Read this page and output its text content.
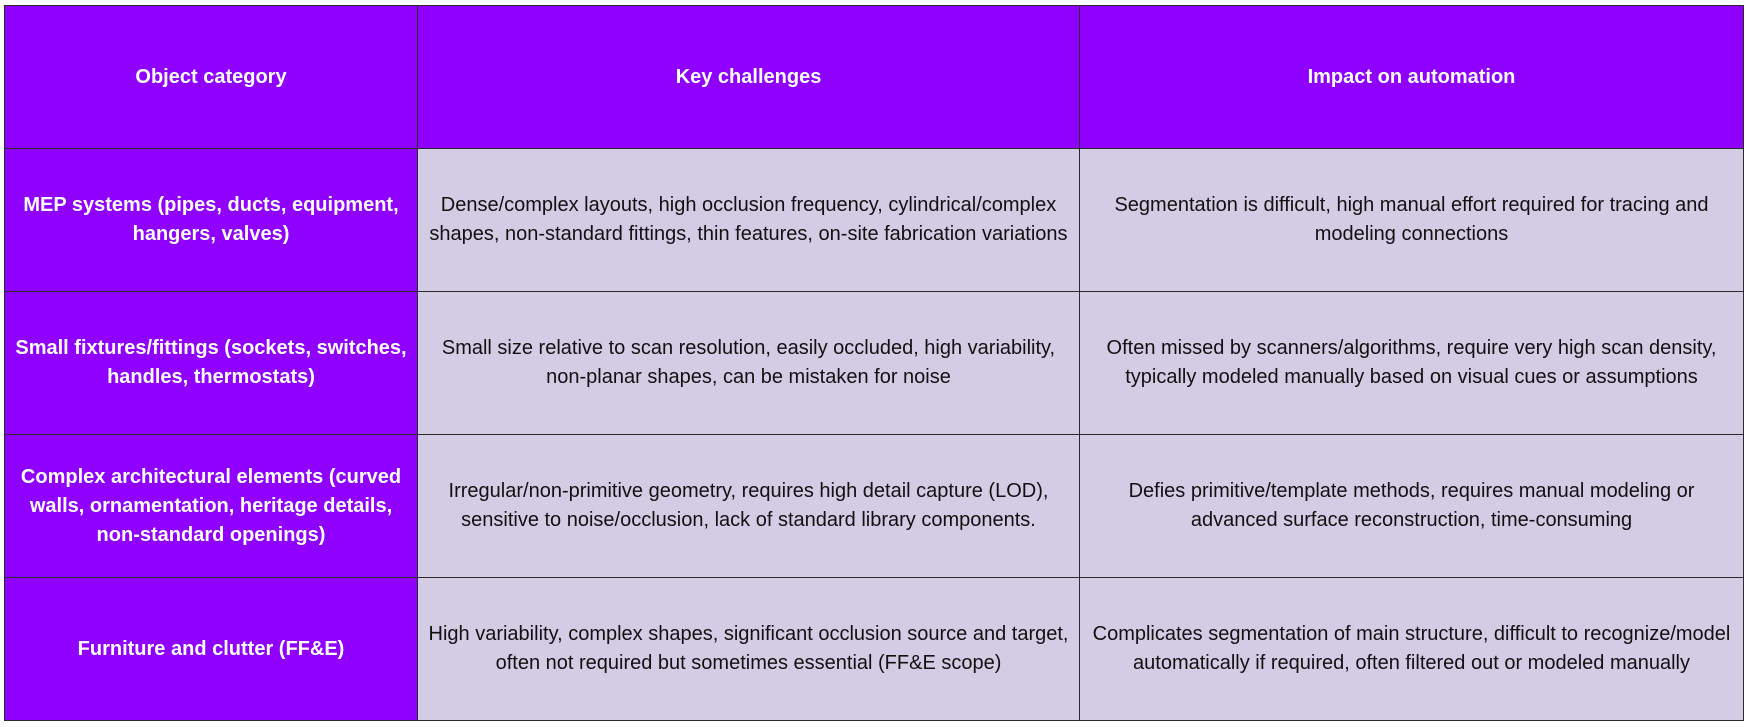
Object category	Key challenges	Impact on automation
MEP systems (pipes, ducts, equipment, hangers, valves)	Dense/complex layouts, high occlusion frequency, cylindrical/complex shapes, non-standard fittings, thin features, on-site fabrication variations	Segmentation is difficult, high manual effort required for tracing and modeling connections
Small fixtures/fittings (sockets, switches, handles, thermostats)	Small size relative to scan resolution, easily occluded, high variability, non-planar shapes, can be mistaken for noise	Often missed by scanners/algorithms, require very high scan density, typically modeled manually based on visual cues or assumptions
Complex architectural elements (curved walls, ornamentation, heritage details, non-standard openings)	Irregular/non-primitive geometry, requires high detail capture (LOD), sensitive to noise/occlusion, lack of standard library components.	Defies primitive/template methods, requires manual modeling or advanced surface reconstruction, time-consuming
Furniture and clutter (FF&E)	High variability, complex shapes, significant occlusion source and target, often not required but sometimes essential (FF&E scope)	Complicates segmentation of main structure, difficult to recognize/model automatically if required, often filtered out or modeled manually
